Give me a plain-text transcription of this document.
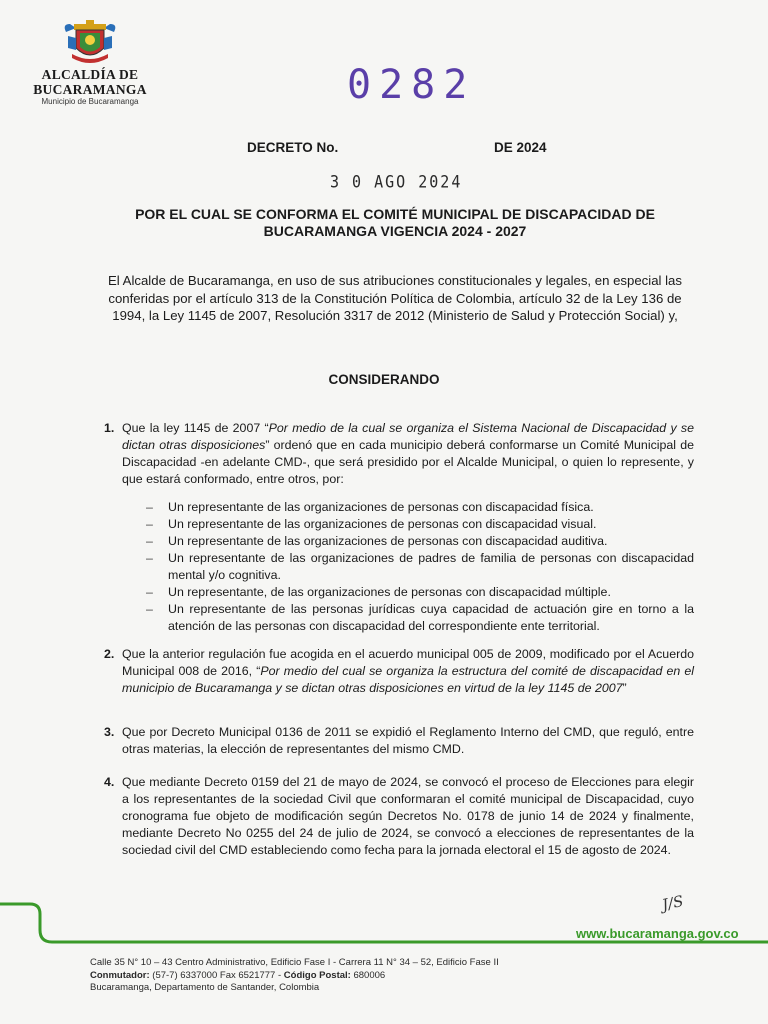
ALCALDÍA DE
BUCARAMANGA
Municipio de Bucaramanga	0282
DECRETO No.	DE 2024
3 0 AGO 2024
POR EL CUAL SE CONFORMA EL COMITÉ MUNICIPAL DE DISCAPACIDAD DE BUCARAMANGA VIGENCIA 2024 - 2027
El Alcalde de Bucaramanga, en uso de sus atribuciones constitucionales y legales, en especial las conferidas por el artículo 313 de la Constitución Política de Colombia, artículo 32 de la Ley 136 de 1994, la Ley 1145 de 2007, Resolución 3317 de 2012 (Ministerio de Salud y Protección Social) y,
CONSIDERANDO
1. Que la ley 1145 de 2007 “Por medio de la cual se organiza el Sistema Nacional de Discapacidad y se dictan otras disposiciones” ordenó que en cada municipio deberá conformarse un Comité Municipal de Discapacidad -en adelante CMD-, que será presidido por el Alcalde Municipal, o quien lo represente, y que estará conformado, entre otros, por:
– Un representante de las organizaciones de personas con discapacidad física.
– Un representante de las organizaciones de personas con discapacidad visual.
– Un representante de las organizaciones de personas con discapacidad auditiva.
– Un representante de las organizaciones de padres de familia de personas con discapacidad mental y/o cognitiva.
– Un representante, de las organizaciones de personas con discapacidad múltiple.
– Un representante de las personas jurídicas cuya capacidad de actuación gire en torno a la atención de las personas con discapacidad del correspondiente ente territorial.
2. Que la anterior regulación fue acogida en el acuerdo municipal 005 de 2009, modificado por el Acuerdo Municipal 008 de 2016, “Por medio del cual se organiza la estructura del comité de discapacidad en el municipio de Bucaramanga y se dictan otras disposiciones en virtud de la ley 1145 de 2007”
3. Que por Decreto Municipal 0136 de 2011 se expidió el Reglamento Interno del CMD, que reguló, entre otras materias, la elección de representantes del mismo CMD.
4. Que mediante Decreto 0159 del 21 de mayo de 2024, se convocó el proceso de Elecciones para elegir a los representantes de la sociedad Civil que conformaran el comité municipal de Discapacidad, cuyo cronograma fue objeto de modificación según Decretos No. 0178 de junio 14 de 2024 y finalmente, mediante Decreto No 0255 del 24 de julio de 2024, se convocó a elecciones de representantes de la sociedad civil del CMD estableciendo como fecha para la jornada electoral el 15 de agosto de 2024.
J/S
www.bucaramanga.gov.co
Calle 35 N° 10 – 43 Centro Administrativo, Edificio Fase I - Carrera 11 N° 34 – 52, Edificio Fase II
Conmutador: (57-7) 6337000 Fax 6521777 - Código Postal: 680006
Bucaramanga, Departamento de Santander, Colombia
